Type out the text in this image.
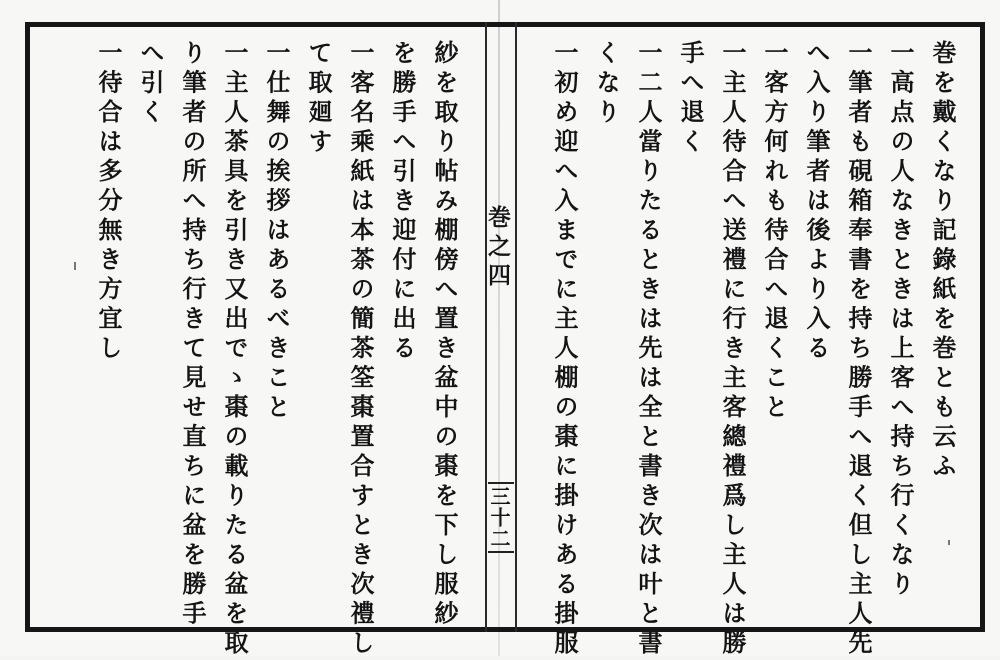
巻を戴くなり記錄紙を巻とも云ふ
一高点の人なきときは上客へ持ち行くなり
一筆者も硯箱奉書を持ち勝手へ退く但し主人先
へ入り筆者は後より入る
一客方何れも待合へ退くこと
一主人待合へ送禮に行き主客總禮爲し主人は勝
手へ退く
一二人當りたるときは先は全と書き次は叶と書
くなり
一初め迎へ入までに主人棚の棗に掛けある掛服
巻之四
三十二
紗を取り帖み棚傍へ置き盆中の棗を下し服紗
を勝手へ引き迎付に出る
一客名乘紙は本茶の簡茶筌棗置合すとき次禮し
て取廻す
一仕舞の挨拶はあるべきこと
一主人茶具を引き又出でゝ棗の載りたる盆を取
り筆者の所へ持ち行きて見せ直ちに盆を勝手
へ引く
一待合は多分無き方宜し
